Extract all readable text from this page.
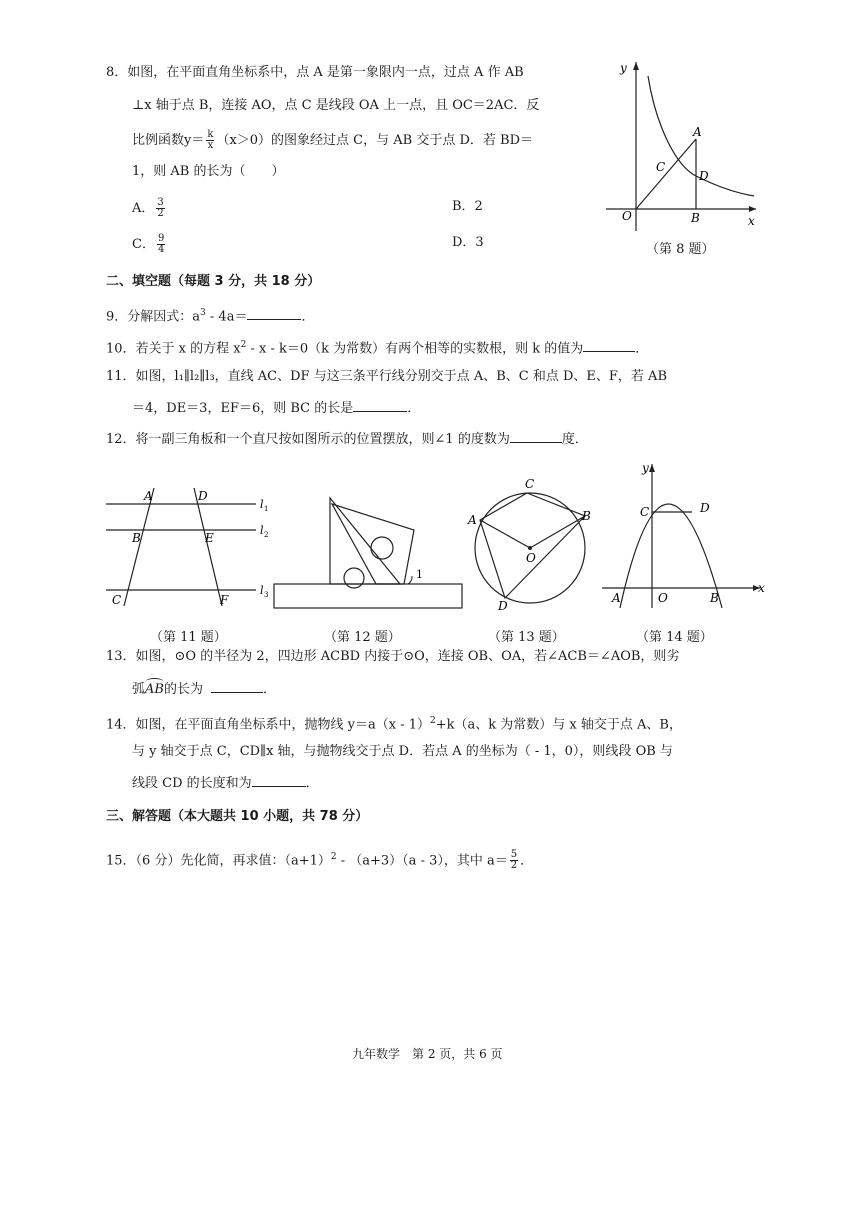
8．如图，在平面直角坐标系中，点 A 是第一象限内一点，过点 A 作 AB
⊥x 轴于点 B，连接 AO，点 C 是线段 OA 上一点，且 OC＝2AC．反
比例函数$y= \frac{k}{x} (x>0)$的图象经过点 C，与 AB 交于点 D．若 BD＝
1，则 AB 的长为（　　）
A． $\frac{3}{2}$	B．2
C． $\frac{9}{4}$	D．3
y
x
O
A
B
C
D
（第 8 题）
二、填空题（每题 3 分，共 18 分）
9．分解因式：$a^3 - 4a=$	．
10．若关于 x 的方程 $x^2 - x - k=0(k$ 为常数）有两个相等的实数根，则 k 的值为	．
11．如图，l₁∥l₂∥l₃，直线 AC、DF 与这三条平行线分别交于点 A、B、C 和点 D、E、F，若 AB
＝4，DE＝3，EF＝6，则 BC 的长是	．
12．将一副三角板和一个直尺按如图所示的位置摆放，则∠1 的度数为	度．
A	D
B	E
C	F
l 1
l 2
l 3
（第 11 题）
1
（第 12 题）
C
A	B
O
D
（第 13 题）
y
x
C	D
A	O	B
（第 14 题）
13．如图，⊙O 的半径为 2，四边形 ACBD 内接于⊙O，连接 OB、OA，若∠ACB＝∠AOB，则劣
弧
AB的长为	．
14．如图，在平面直角坐标系中，抛物线 y＝a（x - 1）$^2$+k（a、k 为常数）与 x 轴交于点 A、B，
与 y 轴交于点 C，CD∥x 轴，与抛物线交于点 D．若点 A 的坐标为（ - 1，0），则线段 OB 与
线段 CD 的长度和为	．
三、解答题（本大题共 10 小题，共 78 分）
15．（6 分）先化简，再求值：$(a+1)^2 - (a+3)(a - 3)$，其中 $a= \frac{5}{2}$ ．
九年数学　第 2 页，共 6 页
